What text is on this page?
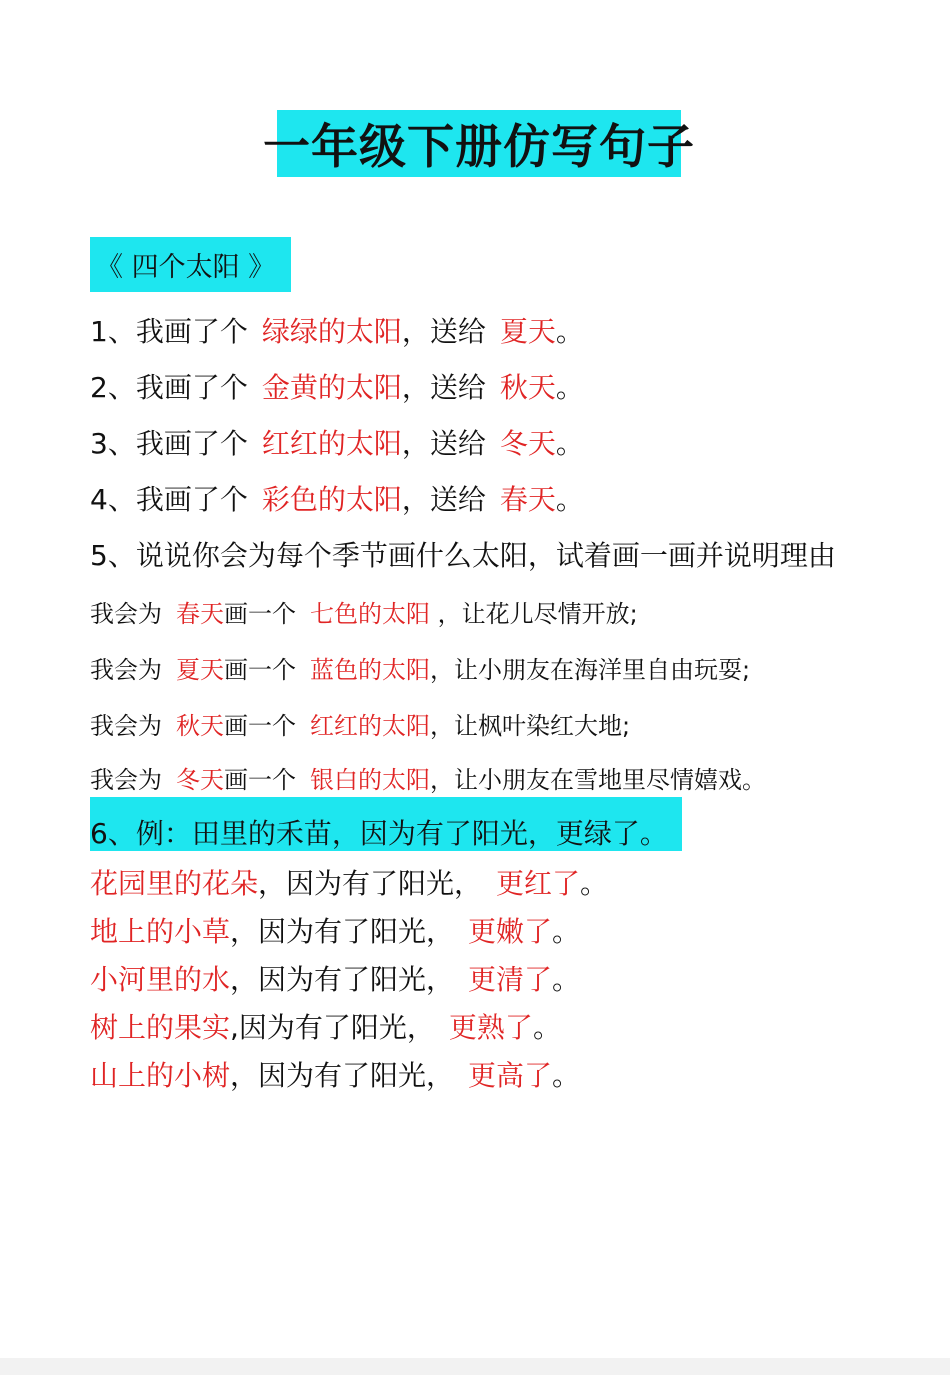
一年级下册仿写句子
《 四个太阳 》
1、我画了个 绿绿的太阳，送给 夏天。
2、我画了个 金黄的太阳，送给 秋天。
3、我画了个 红红的太阳，送给 冬天。
4、我画了个 彩色的太阳，送给 春天。
5、说说你会为每个季节画什么太阳，试着画一画并说明理由
我会为 春天画一个 七色的太阳 ，让花儿尽情开放;
我会为 夏天画一个 蓝色的太阳，让小朋友在海洋里自由玩耍;
我会为 秋天画一个 红红的太阳，让枫叶染红大地;
我会为 冬天画一个 银白的太阳，让小朋友在雪地里尽情嬉戏。
6、例：田里的禾苗，因为有了阳光，更绿了。
花园里的花朵，因为有了阳光， 更红了。
地上的小草，因为有了阳光， 更嫩了。
小河里的水，因为有了阳光， 更清了。
树上的果实,因为有了阳光， 更熟了。
山上的小树，因为有了阳光， 更高了。
